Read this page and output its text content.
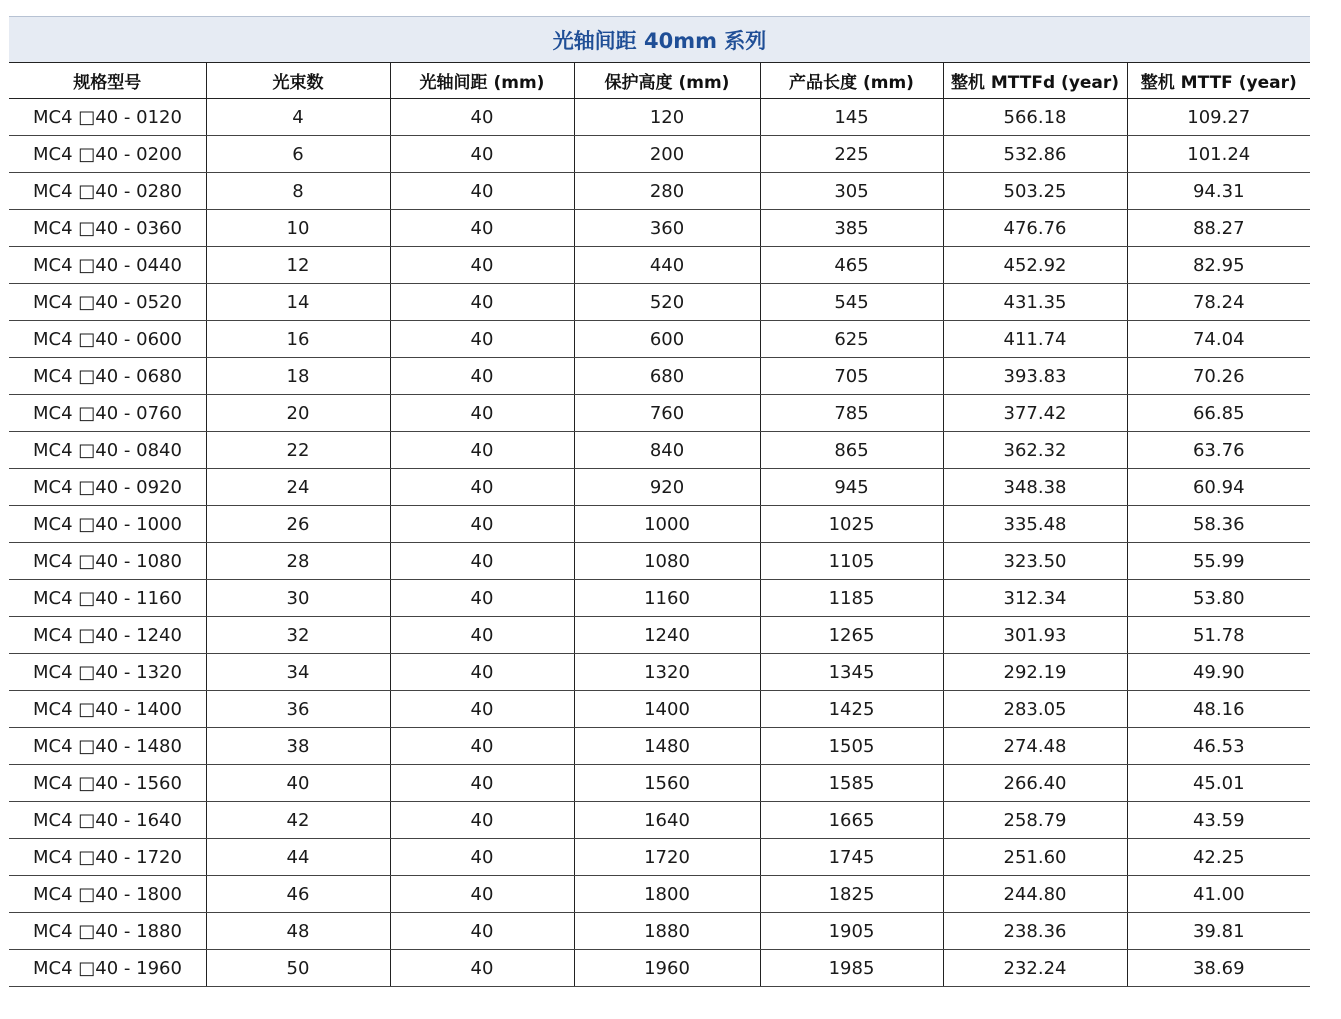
光轴间距 40mm 系列
规格型号	光束数	光轴间距 (mm)	保护高度 (mm)	产品长度 (mm)	整机 MTTFd (year)	整机 MTTF (year)
MC4 □40 - 0120	4	40	120	145	566.18	109.27
MC4 □40 - 0200	6	40	200	225	532.86	101.24
MC4 □40 - 0280	8	40	280	305	503.25	94.31
MC4 □40 - 0360	10	40	360	385	476.76	88.27
MC4 □40 - 0440	12	40	440	465	452.92	82.95
MC4 □40 - 0520	14	40	520	545	431.35	78.24
MC4 □40 - 0600	16	40	600	625	411.74	74.04
MC4 □40 - 0680	18	40	680	705	393.83	70.26
MC4 □40 - 0760	20	40	760	785	377.42	66.85
MC4 □40 - 0840	22	40	840	865	362.32	63.76
MC4 □40 - 0920	24	40	920	945	348.38	60.94
MC4 □40 - 1000	26	40	1000	1025	335.48	58.36
MC4 □40 - 1080	28	40	1080	1105	323.50	55.99
MC4 □40 - 1160	30	40	1160	1185	312.34	53.80
MC4 □40 - 1240	32	40	1240	1265	301.93	51.78
MC4 □40 - 1320	34	40	1320	1345	292.19	49.90
MC4 □40 - 1400	36	40	1400	1425	283.05	48.16
MC4 □40 - 1480	38	40	1480	1505	274.48	46.53
MC4 □40 - 1560	40	40	1560	1585	266.40	45.01
MC4 □40 - 1640	42	40	1640	1665	258.79	43.59
MC4 □40 - 1720	44	40	1720	1745	251.60	42.25
MC4 □40 - 1800	46	40	1800	1825	244.80	41.00
MC4 □40 - 1880	48	40	1880	1905	238.36	39.81
MC4 □40 - 1960	50	40	1960	1985	232.24	38.69
